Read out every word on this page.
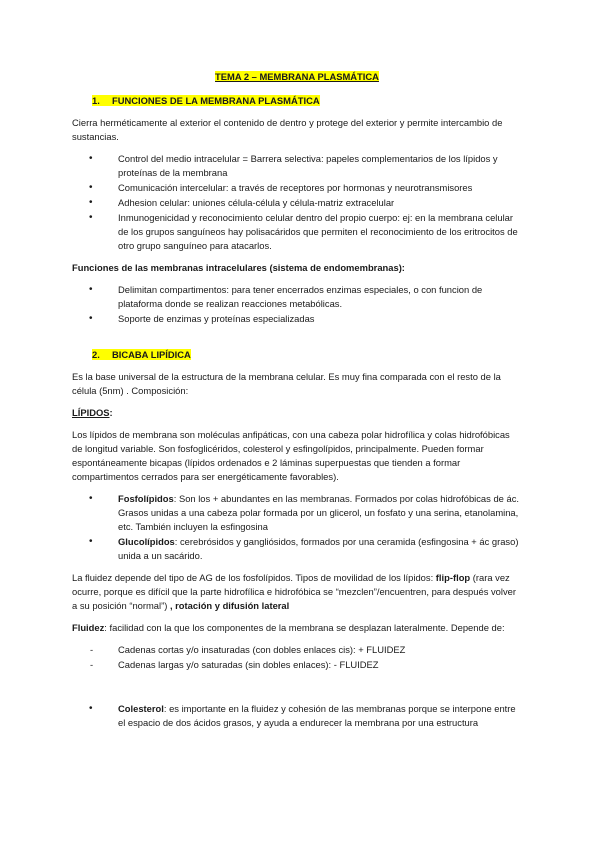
TEMA 2 – MEMBRANA PLASMÁTICA
1. FUNCIONES DE LA MEMBRANA PLASMÁTICA

Cierra herméticamente al exterior el contenido de dentro y protege del exterior y permite intercambio de sustancias.

•	Control del medio intracelular = Barrera selectiva: papeles complementarios de los lípidos y proteínas de la membrana
•	Comunicación intercelular: a través de receptores por hormonas y neurotransmisores
•	Adhesion celular: uniones célula-célula y célula-matriz extracelular
•	Inmunogenicidad y reconocimiento celular dentro del propio cuerpo: ej: en la membrana celular de los grupos sanguíneos hay polisacáridos que permiten el reconocimiento de los eritrocitos de otro grupo sanguíneo para atacarlos.

Funciones de las membranas intracelulares (sistema de endomembranas):

•	Delimitan compartimentos: para tener encerrados enzimas especiales, o con funcion de plataforma donde se realizan reacciones metabólicas.
•	Soporte de enzimas y proteínas especializadas
2. BICABA LIPÍDICA

Es la base universal de la estructura de la membrana celular. Es muy fina comparada con el resto de la célula (5nm) . Composición:

LÍPIDOS:

Los lípidos de membrana son moléculas anfipáticas, con una cabeza polar hidrofílica y colas hidrofóbicas de longitud variable. Son fosfoglicéridos, colesterol y esfingolípidos, principalmente. Pueden formar espontáneamente bicapas (lípidos ordenados e 2 láminas superpuestas que tienden a formar compartimentos cerrados para ser energéticamente favorables).

•	Fosfolípidos: Son los + abundantes en las membranas. Formados por colas hidrofóbicas de ác. Grasos unidas a una cabeza polar formada por un glicerol, un fosfato y una serina, etanolamina, etc. También incluyen la esfingosina
•	Glucolípidos: cerebrósidos y gangliósidos, formados por una ceramida (esfingosina + ác graso) unida a un sacárido.

La fluidez depende del tipo de AG de los fosfolípidos. Tipos de movilidad de los lípidos: flip-flop (rara vez ocurre, porque es difícil que la parte hidrofílica e hidrofóbica se “mezclen”/encuentren, para después volver a su posición “normal”) , rotación y difusión lateral

Fluidez: facilidad con la que los componentes de la membrana se desplazan lateralmente. Depende de:

-	Cadenas cortas y/o insaturadas (con dobles enlaces cis): + FLUIDEZ
-	Cadenas largas y/o saturadas (sin dobles enlaces): - FLUIDEZ
•	Colesterol: es importante en la fluidez y cohesión de las membranas porque se interpone entre el espacio de dos ácidos grasos, y ayuda a endurecer la membrana por una estructura
